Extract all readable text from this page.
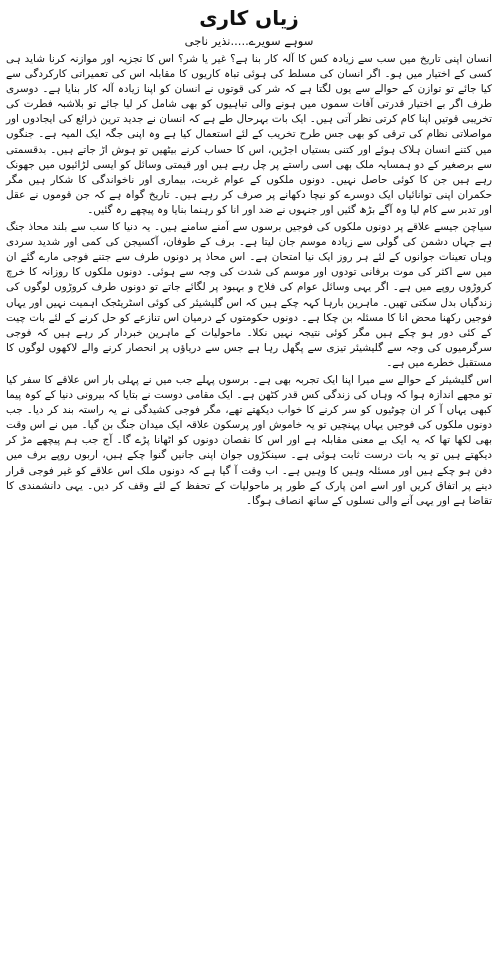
زیاں کاری

سوہے سویرے.....نذیر ناجی

انسان اپنی تاریخ میں سب سے زیادہ کس کا آلہ کار بنا ہے؟ غیر یا شر؟ اس کا تجزیہ اور موازنہ کرنا شاید ہی کسی کے اختیار میں ہو۔ اگر انسان کی مسلط کی ہوئی تباہ کاریوں کا مقابلہ اس کی تعمیراتی کارکردگی سے کیا جائے تو توازن کے حوالے سے یوں لگتا ہے کہ شر کی قوتوں نے انسان کو اپنا زیادہ آلہ کار بنایا ہے۔ دوسری طرف اگر بے اختیار قدرتی آفات سموں میں ہونے والی تباہیوں کو بھی شامل کر لیا جائے تو بلاشبہ فطرت کی تخریبی قوتیں اپنا کام کرتی نظر آتی ہیں۔ ایک بات بہرحال طے ہے کہ انسان نے جدید ترین ذرائع کی ایجادوں اور مواصلاتی نظام کی ترقی کو بھی جس طرح تخریب کے لئے استعمال کیا ہے وہ اپنی جگہ ایک المیہ ہے۔ جنگوں میں کتنے انسان ہلاک ہوئے اور کتنی بستیاں اجڑیں، اس کا حساب کرنے بیٹھیں تو ہوش اڑ جاتے ہیں۔ بدقسمتی سے برصغیر کے دو ہمسایہ ملک بھی اسی راستے پر چل رہے ہیں اور قیمتی وسائل کو ایسی لڑائیوں میں جھونک رہے ہیں جن کا کوئی حاصل نہیں۔ دونوں ملکوں کے عوام غربت، بیماری اور ناخواندگی کا شکار ہیں مگر حکمران اپنی توانائیاں ایک دوسرے کو نیچا دکھانے پر صرف کر رہے ہیں۔ تاریخ گواہ ہے کہ جن قوموں نے عقل اور تدبر سے کام لیا وہ آگے بڑھ گئیں اور جنہوں نے ضد اور انا کو رہنما بنایا وہ پیچھے رہ گئیں۔

سیاچن جیسے علاقے پر دونوں ملکوں کی فوجیں برسوں سے آمنے سامنے ہیں۔ یہ دنیا کا سب سے بلند محاذ جنگ ہے جہاں دشمن کی گولی سے زیادہ موسم جان لیتا ہے۔ برف کے طوفان، آکسیجن کی کمی اور شدید سردی وہاں تعینات جوانوں کے لئے ہر روز ایک نیا امتحان ہے۔ اس محاذ پر دونوں طرف سے جتنے فوجی مارے گئے ان میں سے اکثر کی موت برفانی تودوں اور موسم کی شدت کی وجہ سے ہوئی۔ دونوں ملکوں کا روزانہ کا خرچ کروڑوں روپے میں ہے۔ اگر یہی وسائل عوام کی فلاح و بہبود پر لگائے جاتے تو دونوں طرف کروڑوں لوگوں کی زندگیاں بدل سکتی تھیں۔ ماہرین بارہا کہہ چکے ہیں کہ اس گلیشیئر کی کوئی اسٹریٹجک اہمیت نہیں اور یہاں فوجیں رکھنا محض انا کا مسئلہ بن چکا ہے۔ دونوں حکومتوں کے درمیان اس تنازعے کو حل کرنے کے لئے بات چیت کے کئی دور ہو چکے ہیں مگر کوئی نتیجہ نہیں نکلا۔ ماحولیات کے ماہرین خبردار کر رہے ہیں کہ فوجی سرگرمیوں کی وجہ سے گلیشیئر تیزی سے پگھل رہا ہے جس سے دریاؤں پر انحصار کرنے والے لاکھوں لوگوں کا مستقبل خطرے میں ہے۔

اس گلیشیئر کے حوالے سے میرا اپنا ایک تجربہ بھی ہے۔ برسوں پہلے جب میں نے پہلی بار اس علاقے کا سفر کیا تو مجھے اندازہ ہوا کہ وہاں کی زندگی کس قدر کٹھن ہے۔ ایک مقامی دوست نے بتایا کہ بیرونی دنیا کے کوہ پیما کبھی یہاں آ کر ان چوٹیوں کو سر کرنے کا خواب دیکھتے تھے، مگر فوجی کشیدگی نے یہ راستہ بند کر دیا۔ جب دونوں ملکوں کی فوجیں یہاں پہنچیں تو یہ خاموش اور پرسکون علاقہ ایک میدان جنگ بن گیا۔ میں نے اس وقت بھی لکھا تھا کہ یہ ایک بے معنی مقابلہ ہے اور اس کا نقصان دونوں کو اٹھانا پڑے گا۔ آج جب ہم پیچھے مڑ کر دیکھتے ہیں تو یہ بات درست ثابت ہوئی ہے۔ سینکڑوں جوان اپنی جانیں گنوا چکے ہیں، اربوں روپے برف میں دفن ہو چکے ہیں اور مسئلہ وہیں کا وہیں ہے۔ اب وقت آ گیا ہے کہ دونوں ملک اس علاقے کو غیر فوجی قرار دینے پر اتفاق کریں اور اسے امن پارک کے طور پر ماحولیات کے تحفظ کے لئے وقف کر دیں۔ یہی دانشمندی کا تقاضا ہے اور یہی آنے والی نسلوں کے ساتھ انصاف ہوگا۔
